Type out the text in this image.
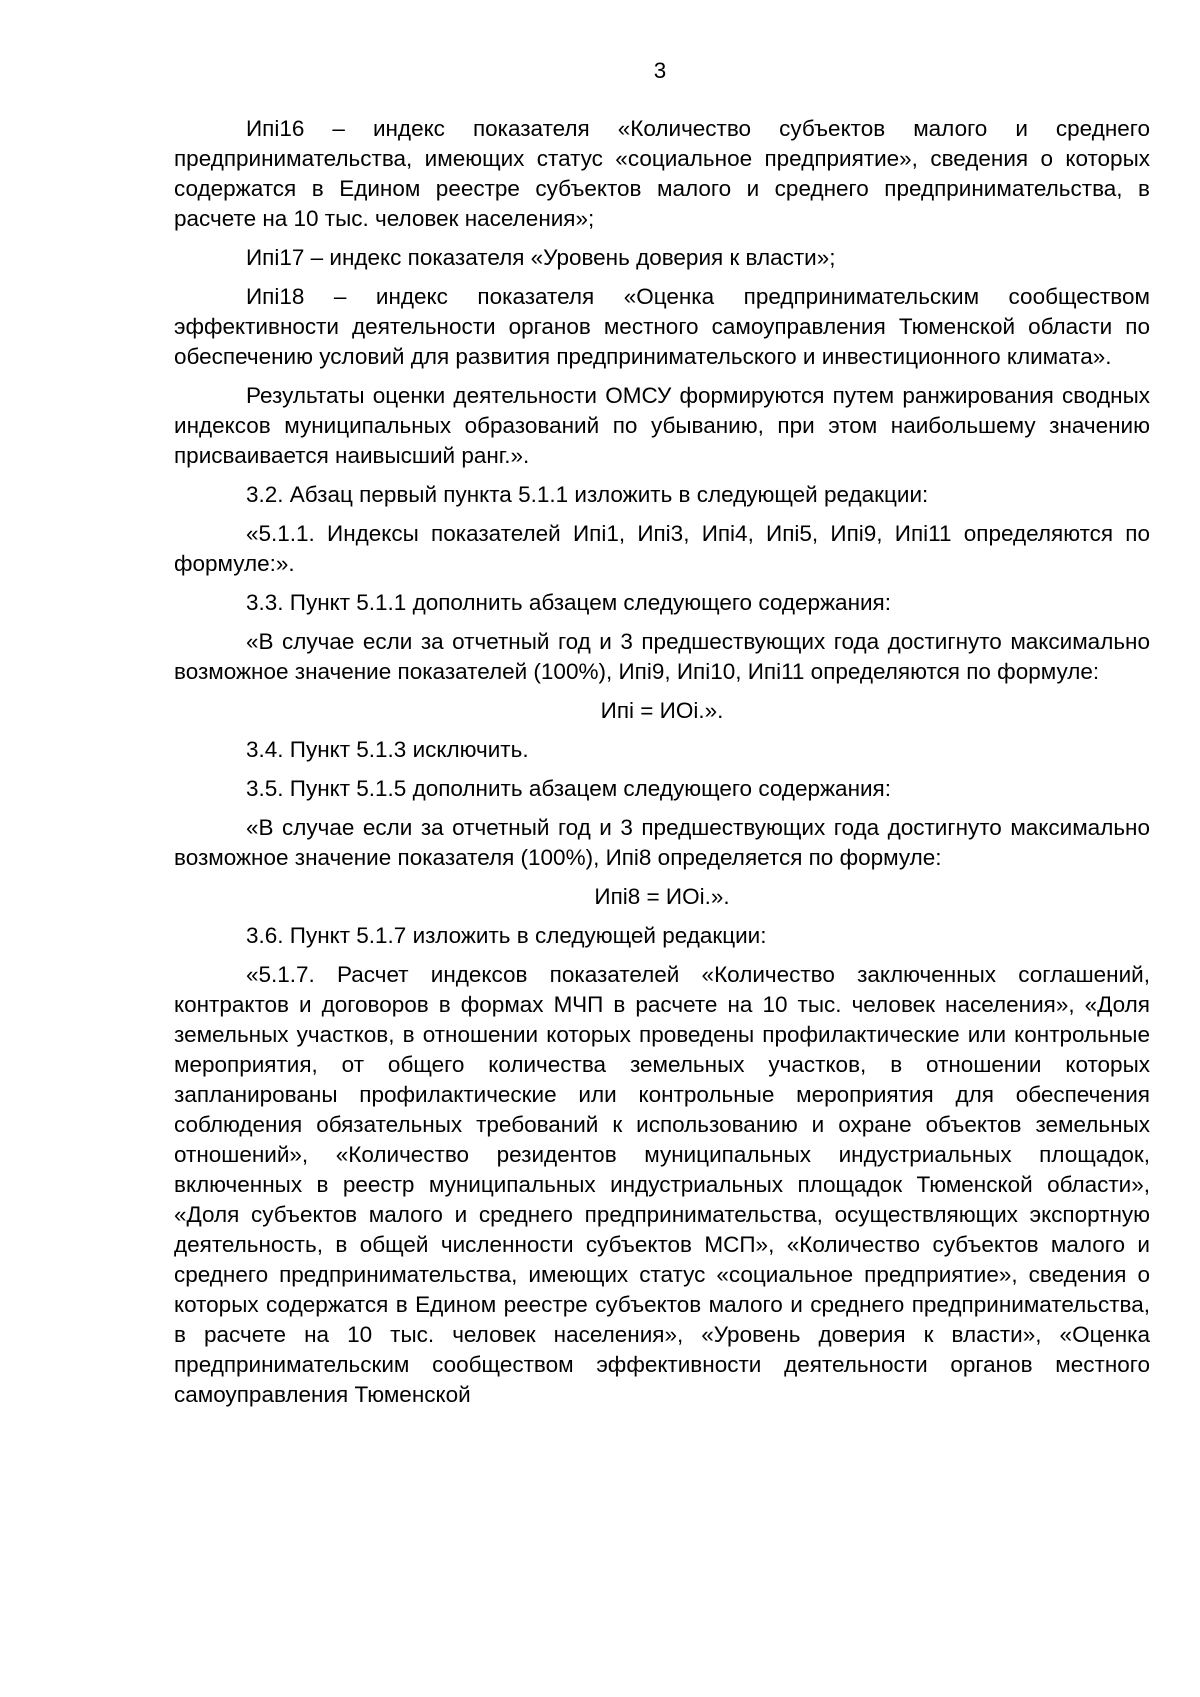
3

Ипі16 – индекс показателя «Количество субъектов малого и среднего предпринимательства, имеющих статус «социальное предприятие», сведения о которых содержатся в Едином реестре субъектов малого и среднего предпринимательства, в расчете на 10 тыс. человек населения»;

Ипі17 – индекс показателя «Уровень доверия к власти»;

Ипі18 – индекс показателя «Оценка предпринимательским сообществом эффективности деятельности органов местного самоуправления Тюменской области по обеспечению условий для развития предпринимательского и инвестиционного климата».

Результаты оценки деятельности ОМСУ формируются путем ранжирования сводных индексов муниципальных образований по убыванию, при этом наибольшему значению присваивается наивысший ранг.».

3.2. Абзац первый пункта 5.1.1 изложить в следующей редакции:

«5.1.1. Индексы показателей Ипі1, Ипі3, Ипі4, Ипі5, Ипі9, Ипі11 определяются по формуле:».

3.3. Пункт 5.1.1 дополнить абзацем следующего содержания:

«В случае если за отчетный год и 3 предшествующих года достигнуто максимально возможное значение показателей (100%), Ипі9, Ипі10, Ипі11 определяются по формуле:

Ипі = ИОі.».

3.4. Пункт 5.1.3 исключить.

3.5. Пункт 5.1.5 дополнить абзацем следующего содержания:

«В случае если за отчетный год и 3 предшествующих года достигнуто максимально возможное значение показателя (100%), Ипі8 определяется по формуле:

Ипі8 = ИОі.».

3.6. Пункт 5.1.7 изложить в следующей редакции:

«5.1.7. Расчет индексов показателей «Количество заключенных соглашений, контрактов и договоров в формах МЧП в расчете на 10 тыс. человек населения», «Доля земельных участков, в отношении которых проведены профилактические или контрольные мероприятия, от общего количества земельных участков, в отношении которых запланированы профилактические или контрольные мероприятия для обеспечения соблюдения обязательных требований к использованию и охране объектов земельных отношений», «Количество резидентов муниципальных индустриальных площадок, включенных в реестр муниципальных индустриальных площадок Тюменской области», «Доля субъектов малого и среднего предпринимательства, осуществляющих экспортную деятельность, в общей численности субъектов МСП», «Количество субъектов малого и среднего предпринимательства, имеющих статус «социальное предприятие», сведения о которых содержатся в Едином реестре субъектов малого и среднего предпринимательства, в расчете на 10 тыс. человек населения», «Уровень доверия к власти», «Оценка предпринимательским сообществом эффективности деятельности органов местного самоуправления Тюменской
